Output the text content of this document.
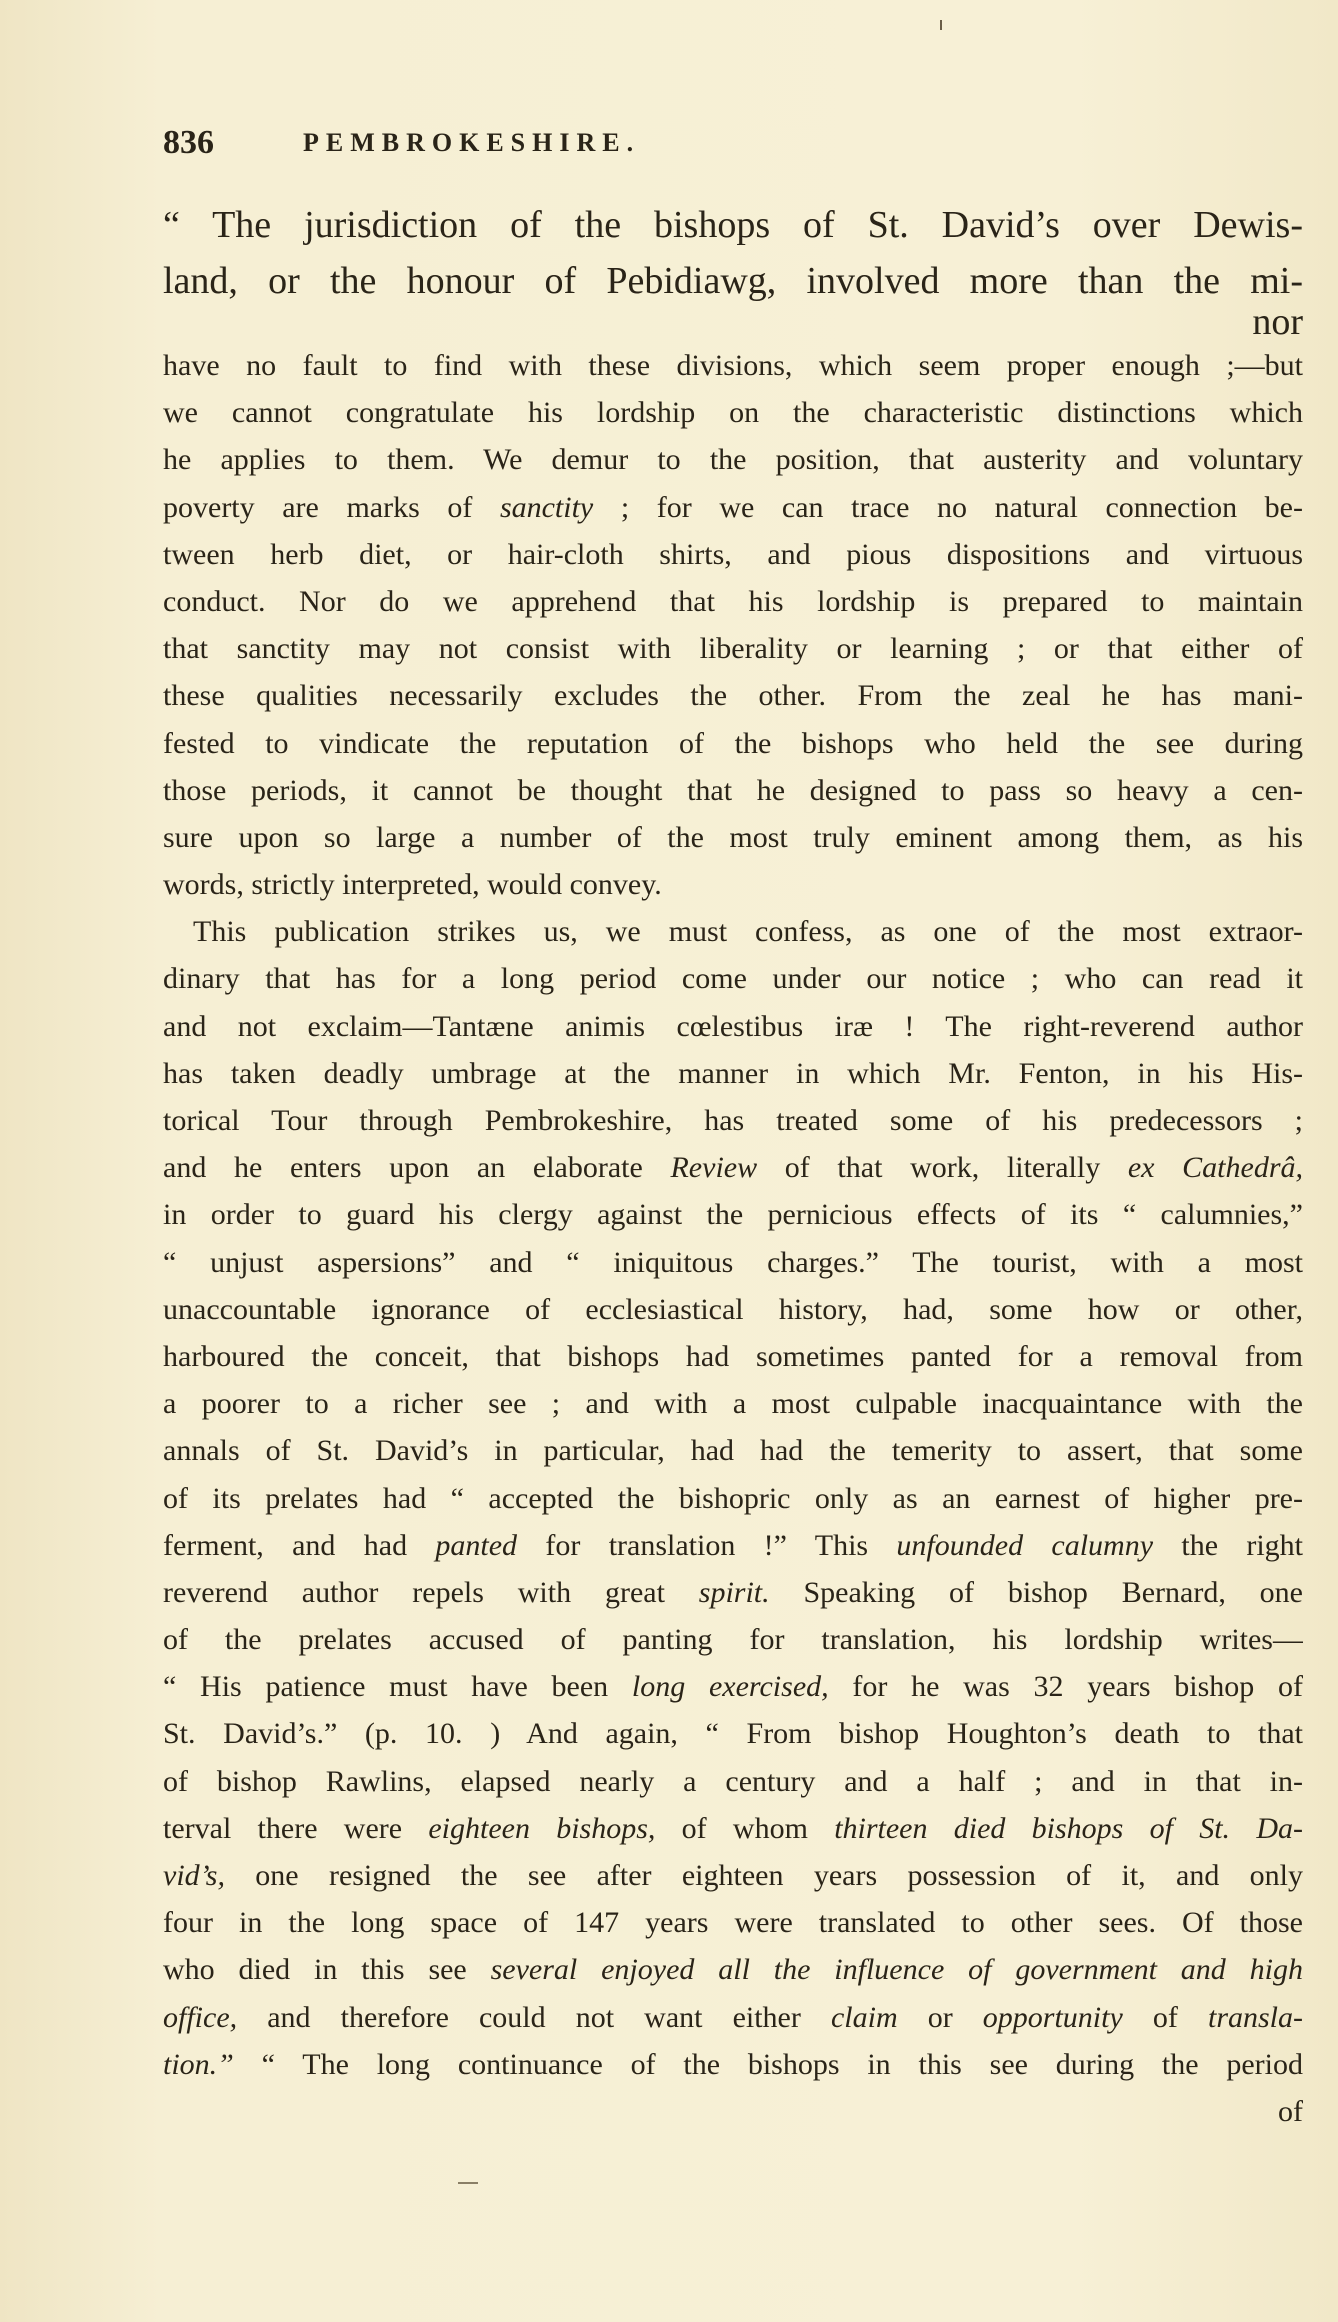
836	PEMBROKESHIRE.
“ The jurisdiction of the bishops of St. David’s over Dewis-
land, or the honour of Pebidiawg, involved more than the mi-
nor
have no fault to find with these divisions, which seem proper enough ;—but
we cannot congratulate his lordship on the characteristic distinctions which
he applies to them. We demur to the position, that austerity and voluntary
poverty are marks of sanctity ; for we can trace no natural connection be-
tween herb diet, or hair-cloth shirts, and pious dispositions and virtuous
conduct. Nor do we apprehend that his lordship is prepared to maintain
that sanctity may not consist with liberality or learning ; or that either of
these qualities necessarily excludes the other. From the zeal he has mani-
fested to vindicate the reputation of the bishops who held the see during
those periods, it cannot be thought that he designed to pass so heavy a cen-
sure upon so large a number of the most truly eminent among them, as his
words, strictly interpreted, would convey.
This publication strikes us, we must confess, as one of the most extraor-
dinary that has for a long period come under our notice ; who can read it
and not exclaim—Tantæne animis cœlestibus iræ ! The right-reverend author
has taken deadly umbrage at the manner in which Mr. Fenton, in his His-
torical Tour through Pembrokeshire, has treated some of his predecessors ;
and he enters upon an elaborate Review of that work, literally ex Cathedrâ,
in order to guard his clergy against the pernicious effects of its “ calumnies,”
“ unjust aspersions” and “ iniquitous charges.” The tourist, with a most
unaccountable ignorance of ecclesiastical history, had, some how or other,
harboured the conceit, that bishops had sometimes panted for a removal from
a poorer to a richer see ; and with a most culpable inacquaintance with the
annals of St. David’s in particular, had had the temerity to assert, that some
of its prelates had “ accepted the bishopric only as an earnest of higher pre-
ferment, and had panted for translation !” This unfounded calumny the right
reverend author repels with great spirit. Speaking of bishop Bernard, one
of the prelates accused of panting for translation, his lordship writes—
“ His patience must have been long exercised, for he was 32 years bishop of
St. David’s.” (p. 10. ) And again, “ From bishop Houghton’s death to that
of bishop Rawlins, elapsed nearly a century and a half ; and in that in-
terval there were eighteen bishops, of whom thirteen died bishops of St. Da-
vid’s, one resigned the see after eighteen years possession of it, and only
four in the long space of 147 years were translated to other sees. Of those
who died in this see several enjoyed all the influence of government and high
office, and therefore could not want either claim or opportunity of transla-
tion.” “ The long continuance of the bishops in this see during the period
of
